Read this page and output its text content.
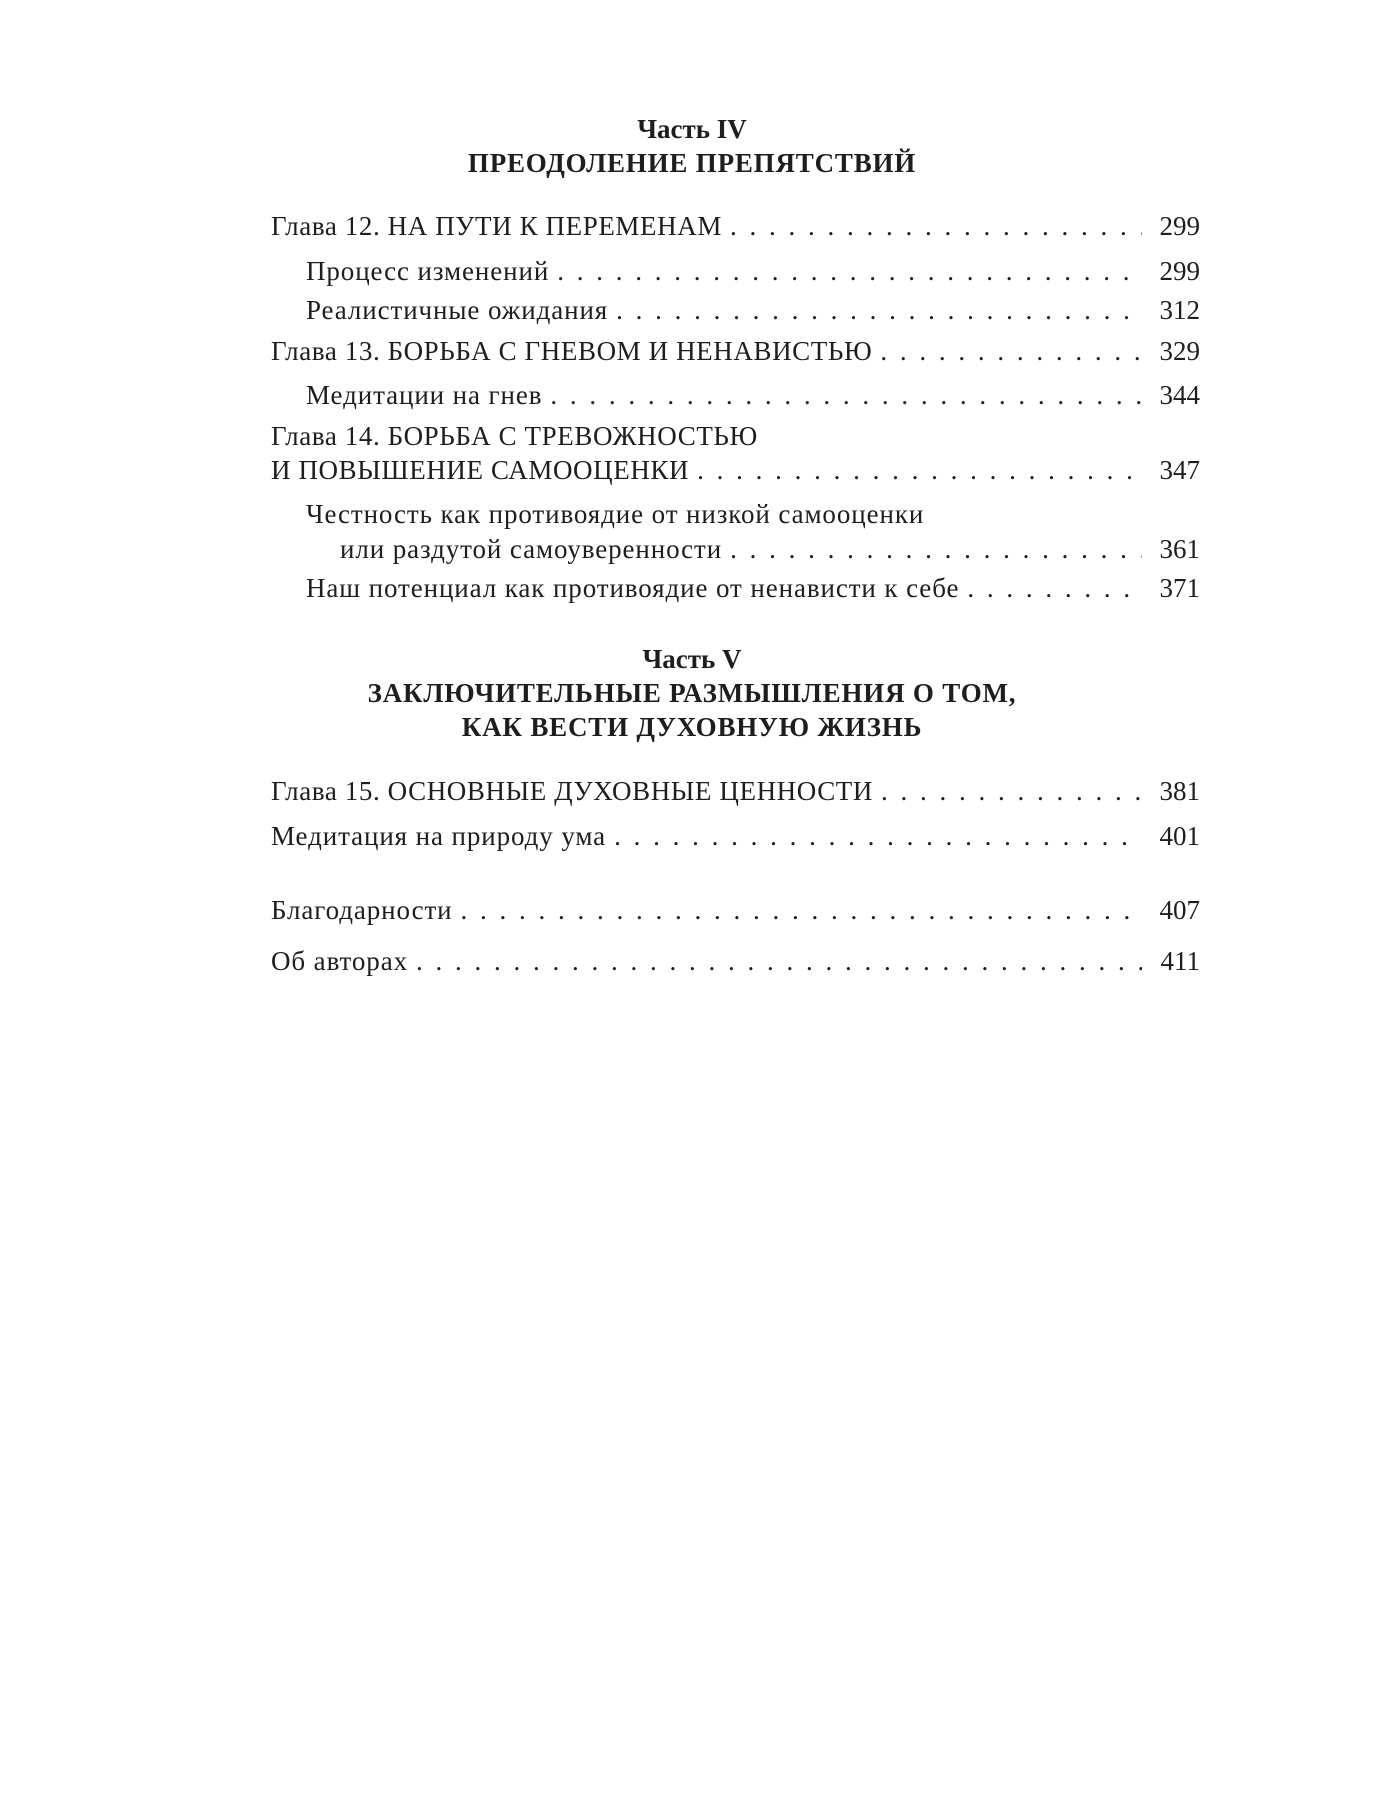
Часть IV
ПРЕОДОЛЕНИЕ ПРЕПЯТСТВИЙ
Глава 12. НА ПУТИ К ПЕРЕМЕНАМ . . .	299
Процесс изменений . . .	299
Реалистичные ожидания . . .	312
Глава 13. БОРЬБА С ГНЕВОМ И НЕНАВИСТЬЮ . . .	329
Медитации на гнев . . .	344
Глава 14. БОРЬБА С ТРЕВОЖНОСТЬЮ
И ПОВЫШЕНИЕ САМООЦЕНКИ . . .	347
Честность как противоядие от низкой самооценки
или раздутой самоуверенности . . .	361
Наш потенциал как противоядие от ненависти к себе . . .	371
Часть V
ЗАКЛЮЧИТЕЛЬНЫЕ РАЗМЫШЛЕНИЯ О ТОМ,
КАК ВЕСТИ ДУХОВНУЮ ЖИЗНЬ
Глава 15. ОСНОВНЫЕ ДУХОВНЫЕ ЦЕННОСТИ . . .	381
Медитация на природу ума . . .	401
Благодарности . . .	407
Об авторах . . .	411
